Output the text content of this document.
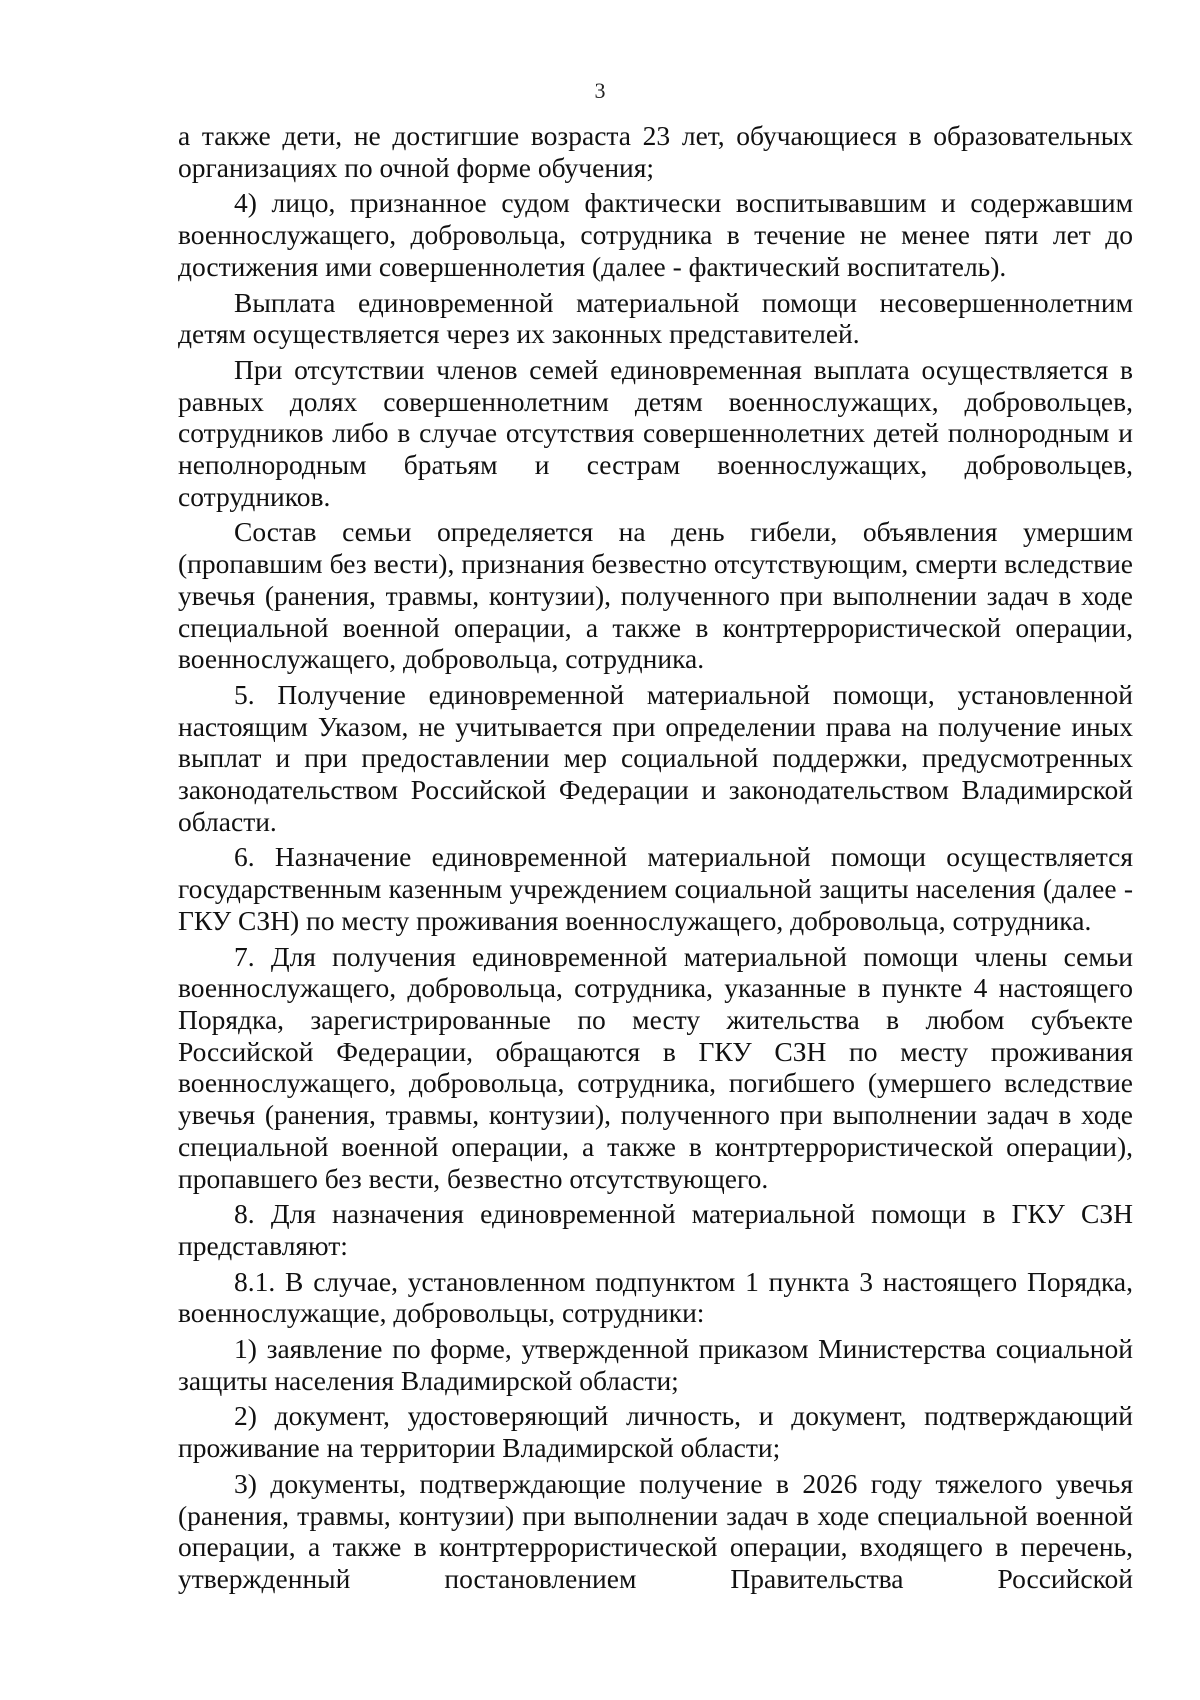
3

а также дети, не достигшие возраста 23 лет, обучающиеся в образовательных организациях по очной форме обучения;

4) лицо, признанное судом фактически воспитывавшим и содержавшим военнослужащего, добровольца, сотрудника в течение не менее пяти лет до достижения ими совершеннолетия (далее - фактический воспитатель).

Выплата единовременной материальной помощи несовершеннолетним детям осуществляется через их законных представителей.

При отсутствии членов семей единовременная выплата осуществляется в равных долях совершеннолетним детям военнослужащих, добровольцев, сотрудников либо в случае отсутствия совершеннолетних детей полнородным и неполнородным братьям и сестрам военнослужащих, добровольцев, сотрудников.

Состав семьи определяется на день гибели, объявления умершим (пропавшим без вести), признания безвестно отсутствующим, смерти вследствие увечья (ранения, травмы, контузии), полученного при выполнении задач в ходе специальной военной операции, а также в контртеррористической операции, военнослужащего, добровольца, сотрудника.

5. Получение единовременной материальной помощи, установленной настоящим Указом, не учитывается при определении права на получение иных выплат и при предоставлении мер социальной поддержки, предусмотренных законодательством Российской Федерации и законодательством Владимирской области.

6. Назначение единовременной материальной помощи осуществляется государственным казенным учреждением социальной защиты населения (далее - ГКУ СЗН) по месту проживания военнослужащего, добровольца, сотрудника.

7. Для получения единовременной материальной помощи члены семьи военнослужащего, добровольца, сотрудника, указанные в пункте 4 настоящего Порядка, зарегистрированные по месту жительства в любом субъекте Российской Федерации, обращаются в ГКУ СЗН по месту проживания военнослужащего, добровольца, сотрудника, погибшего (умершего вследствие увечья (ранения, травмы, контузии), полученного при выполнении задач в ходе специальной военной операции, а также в контртеррористической операции), пропавшего без вести, безвестно отсутствующего.

8. Для назначения единовременной материальной помощи в ГКУ СЗН представляют:

8.1. В случае, установленном подпунктом 1 пункта 3 настоящего Порядка, военнослужащие, добровольцы, сотрудники:

1) заявление по форме, утвержденной приказом Министерства социальной защиты населения Владимирской области;

2) документ, удостоверяющий личность, и документ, подтверждающий проживание на территории Владимирской области;

3) документы, подтверждающие получение в 2026 году тяжелого увечья (ранения, травмы, контузии) при выполнении задач в ходе специальной военной операции, а также в контртеррористической операции, входящего в перечень, утвержденный постановлением Правительства Российской
